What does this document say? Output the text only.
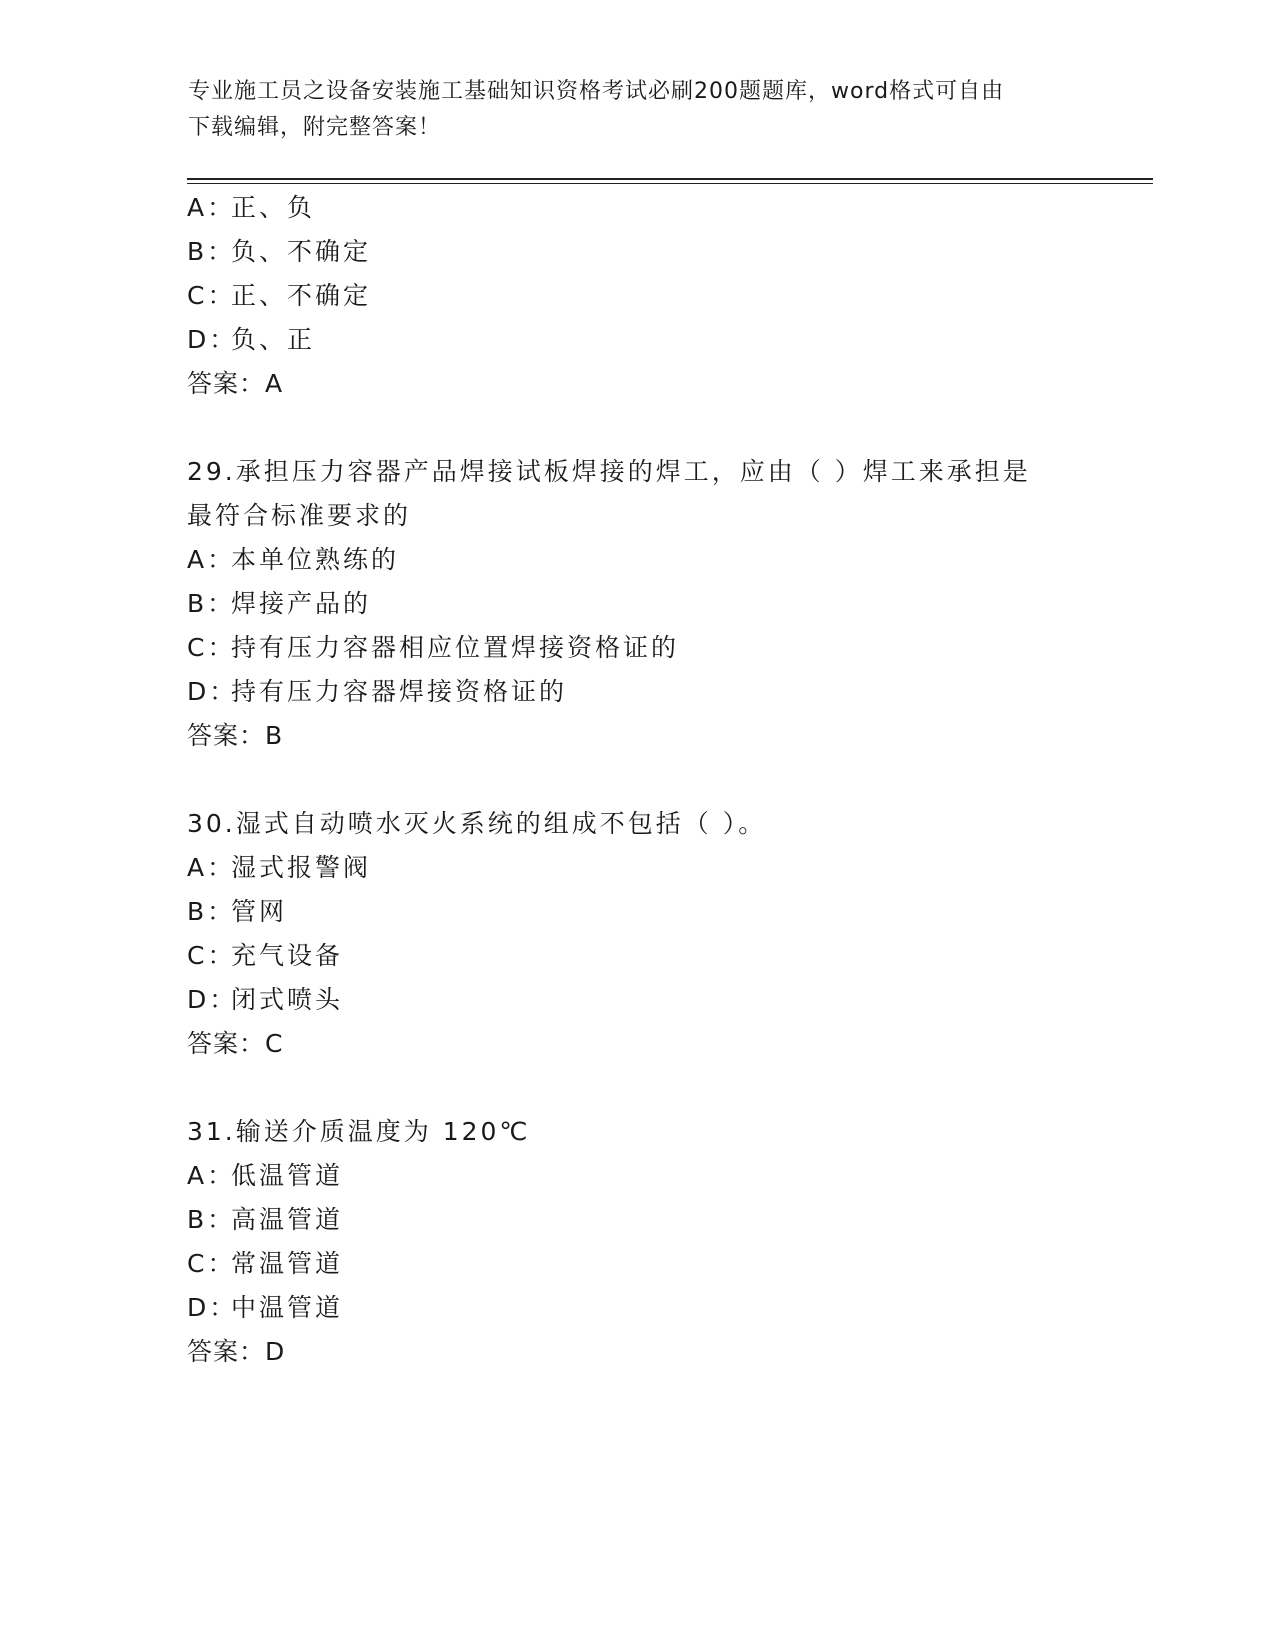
专业施工员之设备安装施工基础知识资格考试必刷200题题库，word格式可自由
下载编辑，附完整答案！
A：正、负
B：负、不确定
C：正、不确定
D：负、正
答案：A
29.承担压力容器产品焊接试板焊接的焊工，应由（ ）焊工来承担是
最符合标准要求的
A：本单位熟练的
B：焊接产品的
C：持有压力容器相应位置焊接资格证的
D：持有压力容器焊接资格证的
答案：B
30.湿式自动喷水灭火系统的组成不包括（ ）。
A：湿式报警阀
B：管网
C：充气设备
D：闭式喷头
答案：C
31.输送介质温度为 120℃
A：低温管道
B：高温管道
C：常温管道
D：中温管道
答案：D
